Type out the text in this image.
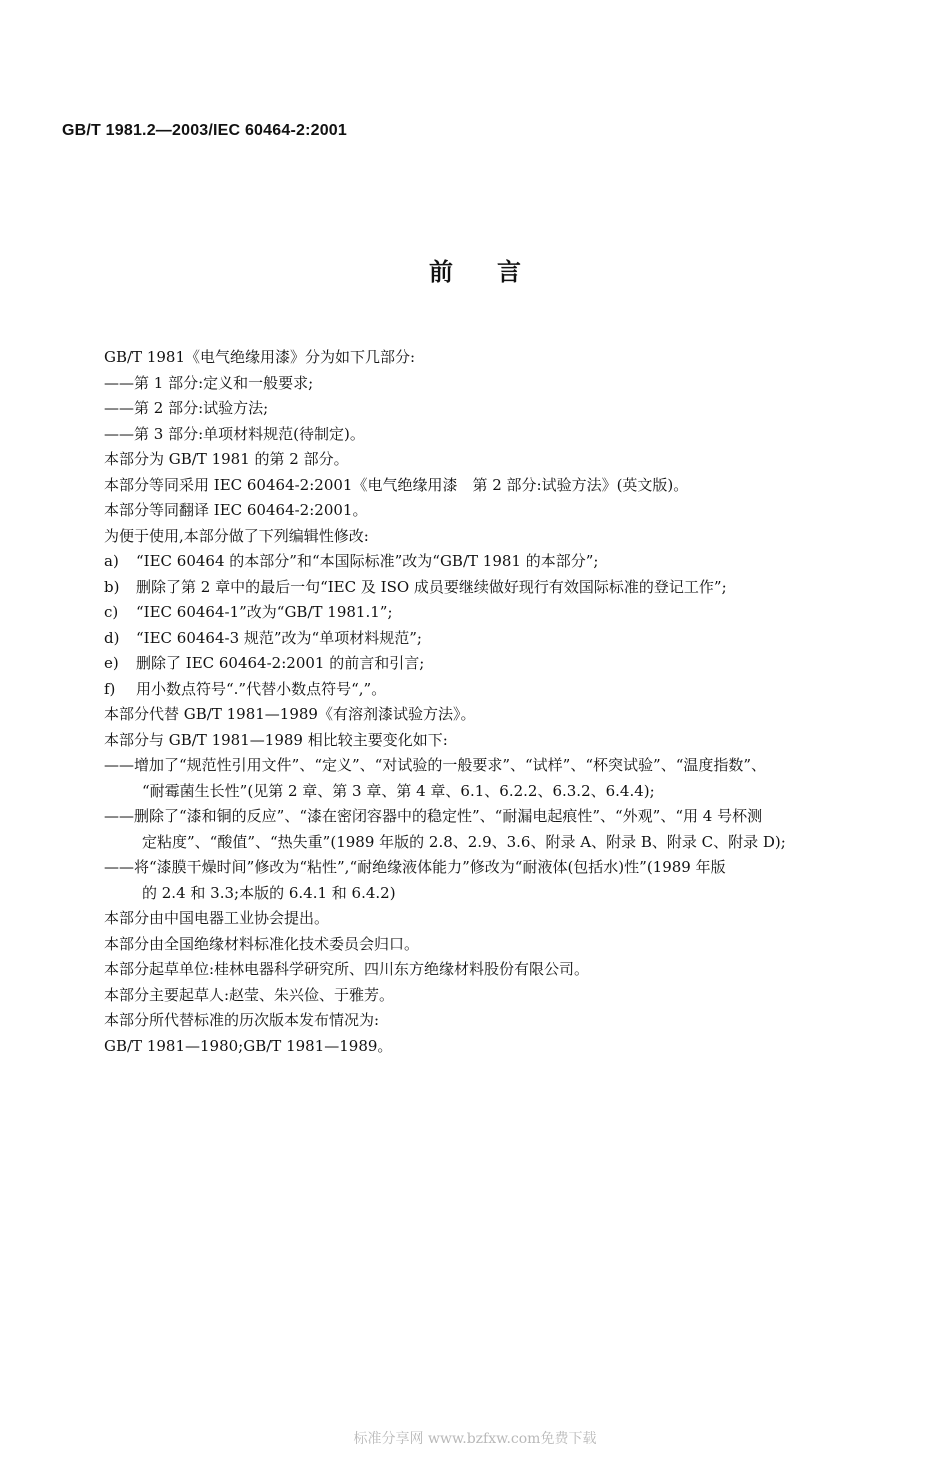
GB/T 1981.2—2003/IEC 60464-2:2001
前言
GB/T 1981《电气绝缘用漆》分为如下几部分:
——第 1 部分:定义和一般要求;
——第 2 部分:试验方法;
——第 3 部分:单项材料规范(待制定)。
本部分为 GB/T 1981 的第 2 部分。
本部分等同采用 IEC 60464-2:2001《电气绝缘用漆　第 2 部分:试验方法》(英文版)。
本部分等同翻译 IEC 60464-2:2001。
为便于使用,本部分做了下列编辑性修改:
a)	“IEC 60464 的本部分”和“本国际标准”改为“GB/T 1981 的本部分”;
b)	删除了第 2 章中的最后一句“IEC 及 ISO 成员要继续做好现行有效国际标准的登记工作”;
c)	“IEC 60464-1”改为“GB/T 1981.1”;
d)	“IEC 60464-3 规范”改为“单项材料规范”;
e)	删除了 IEC 60464-2:2001 的前言和引言;
f)	用小数点符号“.”代替小数点符号“,”。
本部分代替 GB/T 1981—1989《有溶剂漆试验方法》。
本部分与 GB/T 1981—1989 相比较主要变化如下:
——增加了“规范性引用文件”、“定义”、“对试验的一般要求”、“试样”、“杯突试验”、“温度指数”、
“耐霉菌生长性”(见第 2 章、第 3 章、第 4 章、6.1、6.2.2、6.3.2、6.4.4);
——删除了“漆和铜的反应”、“漆在密闭容器中的稳定性”、“耐漏电起痕性”、“外观”、“用 4 号杯测
定粘度”、“酸值”、“热失重”(1989 年版的 2.8、2.9、3.6、附录 A、附录 B、附录 C、附录 D);
——将“漆膜干燥时间”修改为“粘性”,“耐绝缘液体能力”修改为“耐液体(包括水)性”(1989 年版
的 2.4 和 3.3;本版的 6.4.1 和 6.4.2)
本部分由中国电器工业协会提出。
本部分由全国绝缘材料标准化技术委员会归口。
本部分起草单位:桂林电器科学研究所、四川东方绝缘材料股份有限公司。
本部分主要起草人:赵莹、朱兴俭、于雅芳。
本部分所代替标准的历次版本发布情况为:
GB/T 1981—1980;GB/T 1981—1989。
标准分享网 www.bzfxw.com免费下载
